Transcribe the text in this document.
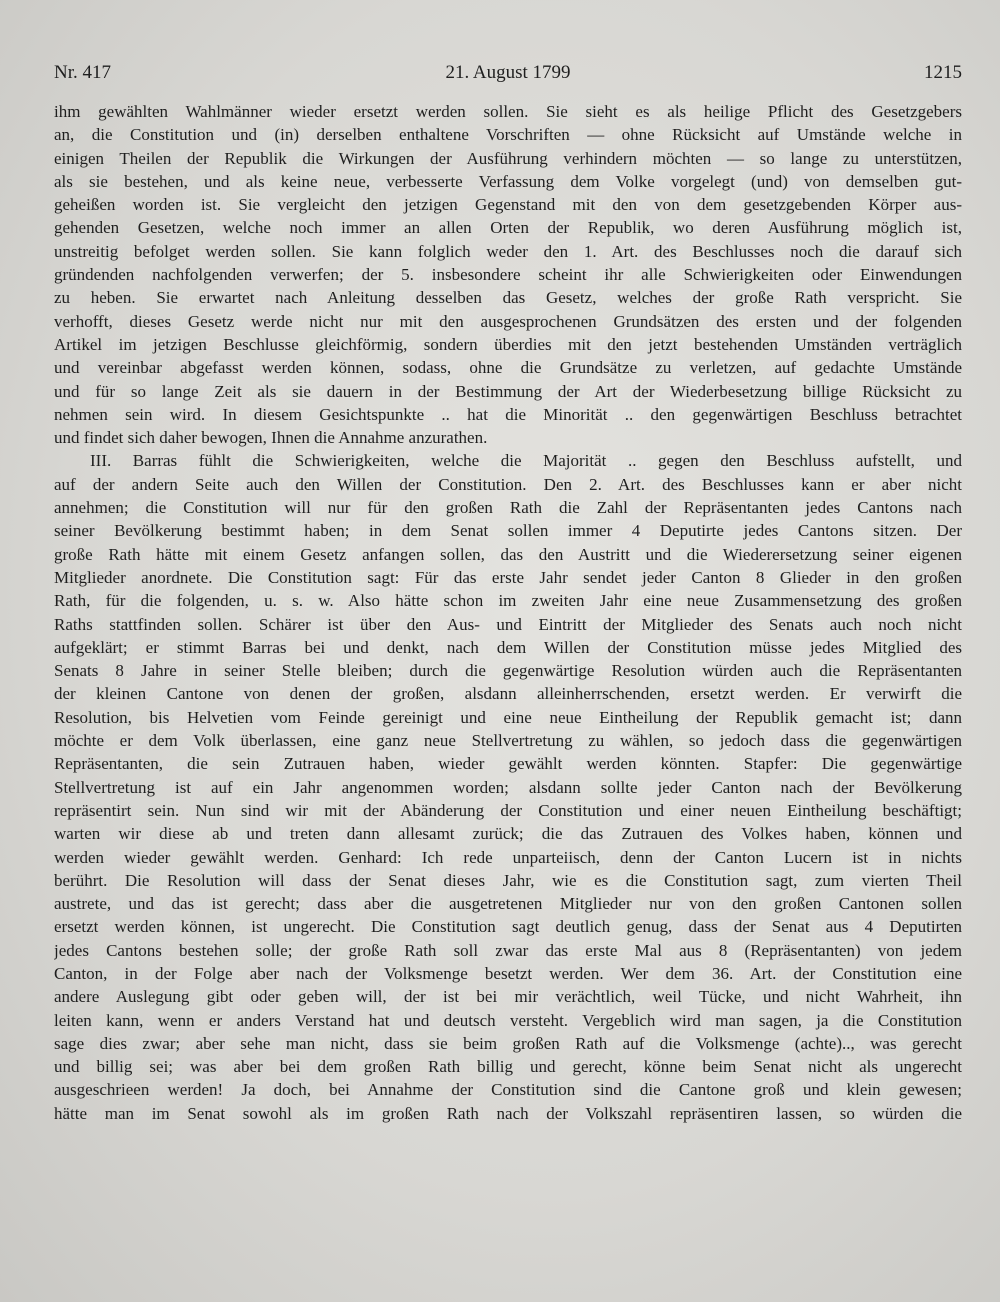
Nr. 417	21. August 1799	1215
ihm gewählten Wahlmänner wieder ersetzt werden sollen. Sie sieht es als heilige Pflicht des Gesetzgebers
an, die Constitution und (in) derselben enthaltene Vorschriften — ohne Rücksicht auf Umstände welche in
einigen Theilen der Republik die Wirkungen der Ausführung verhindern möchten — so lange zu unterstützen,
als sie bestehen, und als keine neue, verbesserte Verfassung dem Volke vorgelegt (und) von demselben gut-
geheißen worden ist. Sie vergleicht den jetzigen Gegenstand mit den von dem gesetzgebenden Körper aus-
gehenden Gesetzen, welche noch immer an allen Orten der Republik, wo deren Ausführung möglich ist,
unstreitig befolget werden sollen. Sie kann folglich weder den 1. Art. des Beschlusses noch die darauf sich
gründenden nachfolgenden verwerfen; der 5. insbesondere scheint ihr alle Schwierigkeiten oder Einwendungen
zu heben. Sie erwartet nach Anleitung desselben das Gesetz, welches der große Rath verspricht. Sie
verhofft, dieses Gesetz werde nicht nur mit den ausgesprochenen Grundsätzen des ersten und der folgenden
Artikel im jetzigen Beschlusse gleichförmig, sondern überdies mit den jetzt bestehenden Umständen verträglich
und vereinbar abgefasst werden können, sodass, ohne die Grundsätze zu verletzen, auf gedachte Umstände
und für so lange Zeit als sie dauern in der Bestimmung der Art der Wiederbesetzung billige Rücksicht zu
nehmen sein wird. In diesem Gesichtspunkte .. hat die Minorität .. den gegenwärtigen Beschluss betrachtet
und findet sich daher bewogen, Ihnen die Annahme anzurathen.
III. Barras fühlt die Schwierigkeiten, welche die Majorität .. gegen den Beschluss aufstellt, und
auf der andern Seite auch den Willen der Constitution. Den 2. Art. des Beschlusses kann er aber nicht
annehmen; die Constitution will nur für den großen Rath die Zahl der Repräsentanten jedes Cantons nach
seiner Bevölkerung bestimmt haben; in dem Senat sollen immer 4 Deputirte jedes Cantons sitzen. Der
große Rath hätte mit einem Gesetz anfangen sollen, das den Austritt und die Wiederersetzung seiner eigenen
Mitglieder anordnete. Die Constitution sagt: Für das erste Jahr sendet jeder Canton 8 Glieder in den großen
Rath, für die folgenden, u. s. w. Also hätte schon im zweiten Jahr eine neue Zusammensetzung des großen
Raths stattfinden sollen. Schärer ist über den Aus- und Eintritt der Mitglieder des Senats auch noch nicht
aufgeklärt; er stimmt Barras bei und denkt, nach dem Willen der Constitution müsse jedes Mitglied des
Senats 8 Jahre in seiner Stelle bleiben; durch die gegenwärtige Resolution würden auch die Repräsentanten
der kleinen Cantone von denen der großen, alsdann alleinherrschenden, ersetzt werden. Er verwirft die
Resolution, bis Helvetien vom Feinde gereinigt und eine neue Eintheilung der Republik gemacht ist; dann
möchte er dem Volk überlassen, eine ganz neue Stellvertretung zu wählen, so jedoch dass die gegenwärtigen
Repräsentanten, die sein Zutrauen haben, wieder gewählt werden könnten. Stapfer: Die gegenwärtige
Stellvertretung ist auf ein Jahr angenommen worden; alsdann sollte jeder Canton nach der Bevölkerung
repräsentirt sein. Nun sind wir mit der Abänderung der Constitution und einer neuen Eintheilung beschäftigt;
warten wir diese ab und treten dann allesamt zurück; die das Zutrauen des Volkes haben, können und
werden wieder gewählt werden. Genhard: Ich rede unparteiisch, denn der Canton Lucern ist in nichts
berührt. Die Resolution will dass der Senat dieses Jahr, wie es die Constitution sagt, zum vierten Theil
austrete, und das ist gerecht; dass aber die ausgetretenen Mitglieder nur von den großen Cantonen sollen
ersetzt werden können, ist ungerecht. Die Constitution sagt deutlich genug, dass der Senat aus 4 Deputirten
jedes Cantons bestehen solle; der große Rath soll zwar das erste Mal aus 8 (Repräsentanten) von jedem
Canton, in der Folge aber nach der Volksmenge besetzt werden. Wer dem 36. Art. der Constitution eine
andere Auslegung gibt oder geben will, der ist bei mir verächtlich, weil Tücke, und nicht Wahrheit, ihn
leiten kann, wenn er anders Verstand hat und deutsch versteht. Vergeblich wird man sagen, ja die Constitution
sage dies zwar; aber sehe man nicht, dass sie beim großen Rath auf die Volksmenge (achte).., was gerecht
und billig sei; was aber bei dem großen Rath billig und gerecht, könne beim Senat nicht als ungerecht
ausgeschrieen werden! Ja doch, bei Annahme der Constitution sind die Cantone groß und klein gewesen;
hätte man im Senat sowohl als im großen Rath nach der Volkszahl repräsentiren lassen, so würden die
